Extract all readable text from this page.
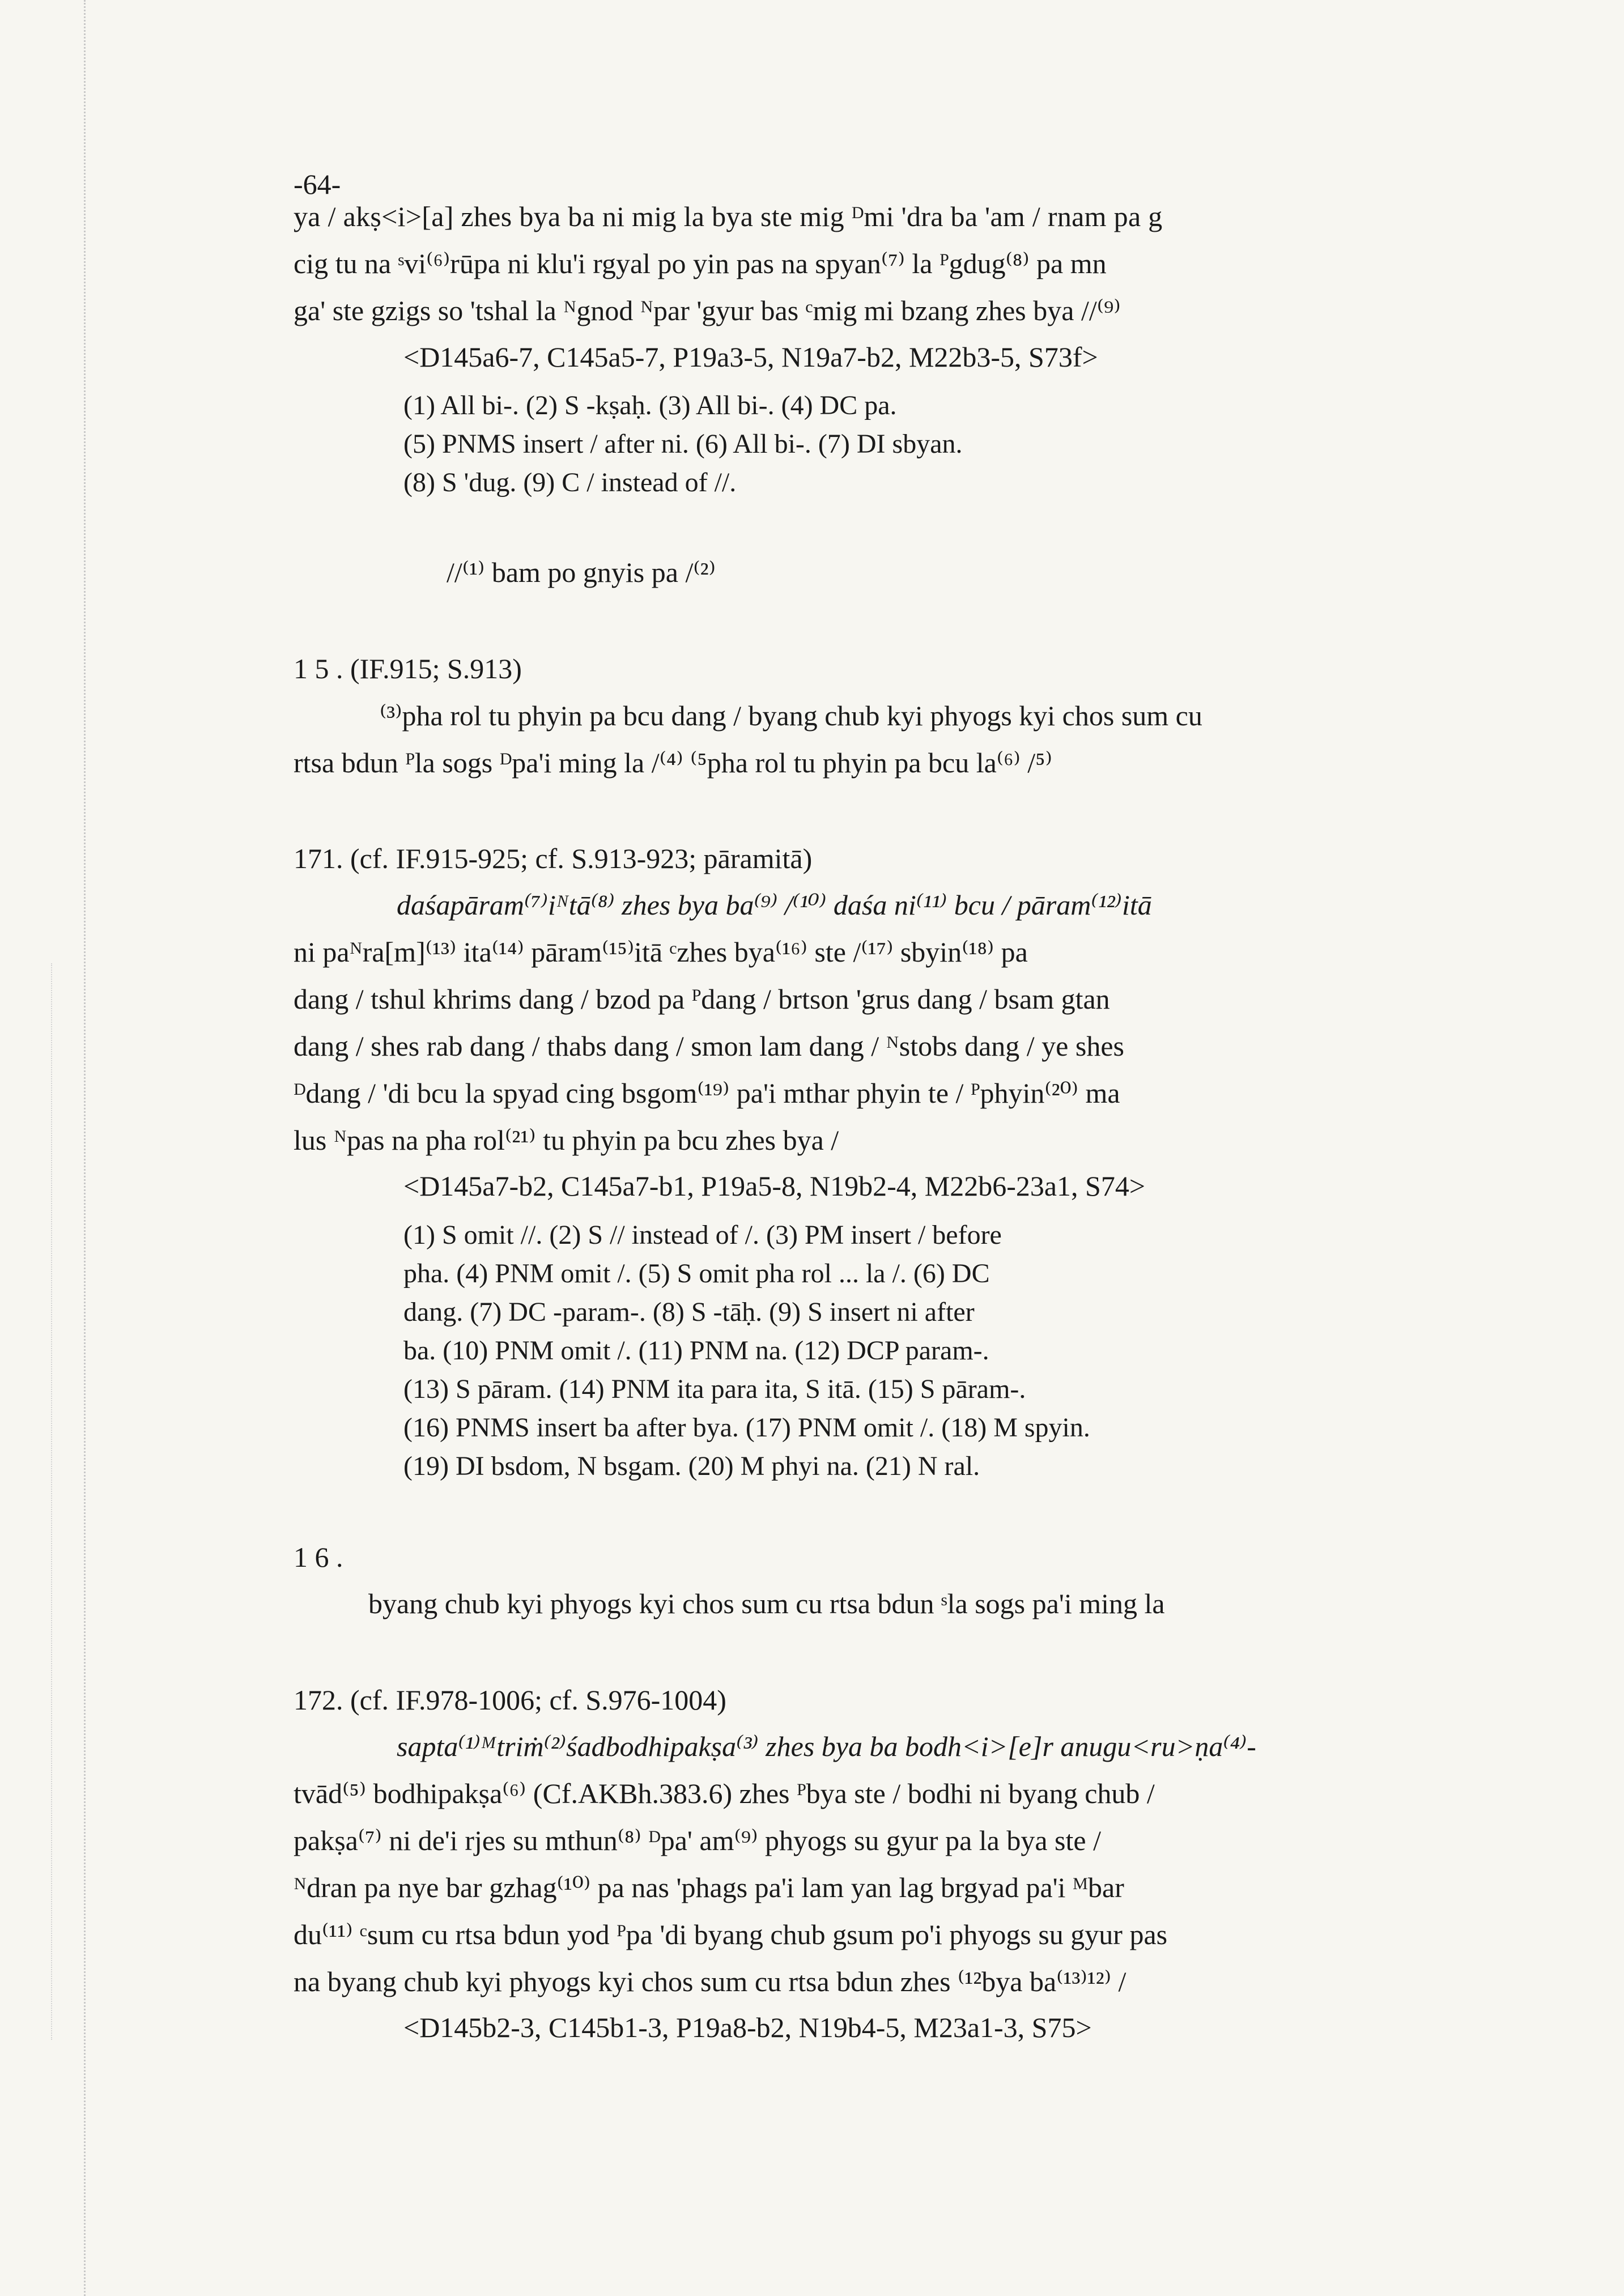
-64-
ya / akṣ<i>[a] zhes bya ba ni mig la bya ste mig ᴰmi 'dra ba 'am / rnam pa g
cig tu na ˢvi⁽⁶⁾rūpa ni klu'i rgyal po yin pas na spyan⁽⁷⁾ la ᴾgdug⁽⁸⁾ pa mn
ga' ste gzigs so 'tshal la ᴺgnod ᴺpar 'gyur bas ᶜmig mi bzang zhes bya //⁽⁹⁾
<D145a6-7, C145a5-7, P19a3-5, N19a7-b2, M22b3-5, S73f>
(1) All bi-. (2) S -kṣaḥ. (3) All bi-. (4) DC pa.
(5) PNMS insert / after ni. (6) All bi-. (7) DI sbyan.
(8) S 'dug. (9) C / instead of //.
//⁽¹⁾ bam po gnyis pa /⁽²⁾
1 5 . (IF.915; S.913)
⁽³⁾pha rol tu phyin pa bcu dang / byang chub kyi phyogs kyi chos sum cu
rtsa bdun ᴾla sogs ᴰpa'i ming la /⁽⁴⁾ ⁽⁵pha rol tu phyin pa bcu la⁽⁶⁾ /⁵⁾
171. (cf. IF.915-925; cf. S.913-923; pāramitā)
daśapāram⁽⁷⁾iᴺtā⁽⁸⁾ zhes bya ba⁽⁹⁾ /⁽¹⁰⁾ daśa ni⁽¹¹⁾ bcu / pāram⁽¹²⁾itā
ni paᴺra[m]⁽¹³⁾ ita⁽¹⁴⁾ pāram⁽¹⁵⁾itā ᶜzhes bya⁽¹⁶⁾ ste /⁽¹⁷⁾ sbyin⁽¹⁸⁾ pa
dang / tshul khrims dang / bzod pa ᴾdang / brtson 'grus dang / bsam gtan
dang / shes rab dang / thabs dang / smon lam dang / ᴺstobs dang / ye shes
ᴰdang / 'di bcu la spyad cing bsgom⁽¹⁹⁾ pa'i mthar phyin te / ᴾphyin⁽²⁰⁾ ma
lus ᴺpas na pha rol⁽²¹⁾ tu phyin pa bcu zhes bya /
<D145a7-b2, C145a7-b1, P19a5-8, N19b2-4, M22b6-23a1, S74>
(1) S omit //. (2) S // instead of /. (3) PM insert / before
pha. (4) PNM omit /. (5) S omit pha rol ... la /. (6) DC
dang. (7) DC -param-. (8) S -tāḥ. (9) S insert ni after
ba. (10) PNM omit /. (11) PNM na. (12) DCP param-.
(13) S pāram. (14) PNM ita para ita, S itā. (15) S pāram-.
(16) PNMS insert ba after bya. (17) PNM omit /. (18) M spyin.
(19) DI bsdom, N bsgam. (20) M phyi na. (21) N ral.
1 6 .
byang chub kyi phyogs kyi chos sum cu rtsa bdun ˢla sogs pa'i ming la
172. (cf. IF.978-1006; cf. S.976-1004)
sapta⁽¹⁾ᴹtriṁ⁽²⁾śadbodhipakṣa⁽³⁾ zhes bya ba bodh<i>[e]r anugu<ru>ṇa⁽⁴⁾-
tvād⁽⁵⁾ bodhipakṣa⁽⁶⁾ (Cf.AKBh.383.6) zhes ᴾbya ste / bodhi ni byang chub /
pakṣa⁽⁷⁾ ni de'i rjes su mthun⁽⁸⁾ ᴰpa' am⁽⁹⁾ phyogs su gyur pa la bya ste /
ᴺdran pa nye bar gzhag⁽¹⁰⁾ pa nas 'phags pa'i lam yan lag brgyad pa'i ᴹbar
du⁽¹¹⁾ ᶜsum cu rtsa bdun yod ᴾpa 'di byang chub gsum po'i phyogs su gyur pas
na byang chub kyi phyogs kyi chos sum cu rtsa bdun zhes ⁽¹²bya ba⁽¹³⁾¹²⁾ /
<D145b2-3, C145b1-3, P19a8-b2, N19b4-5, M23a1-3, S75>
